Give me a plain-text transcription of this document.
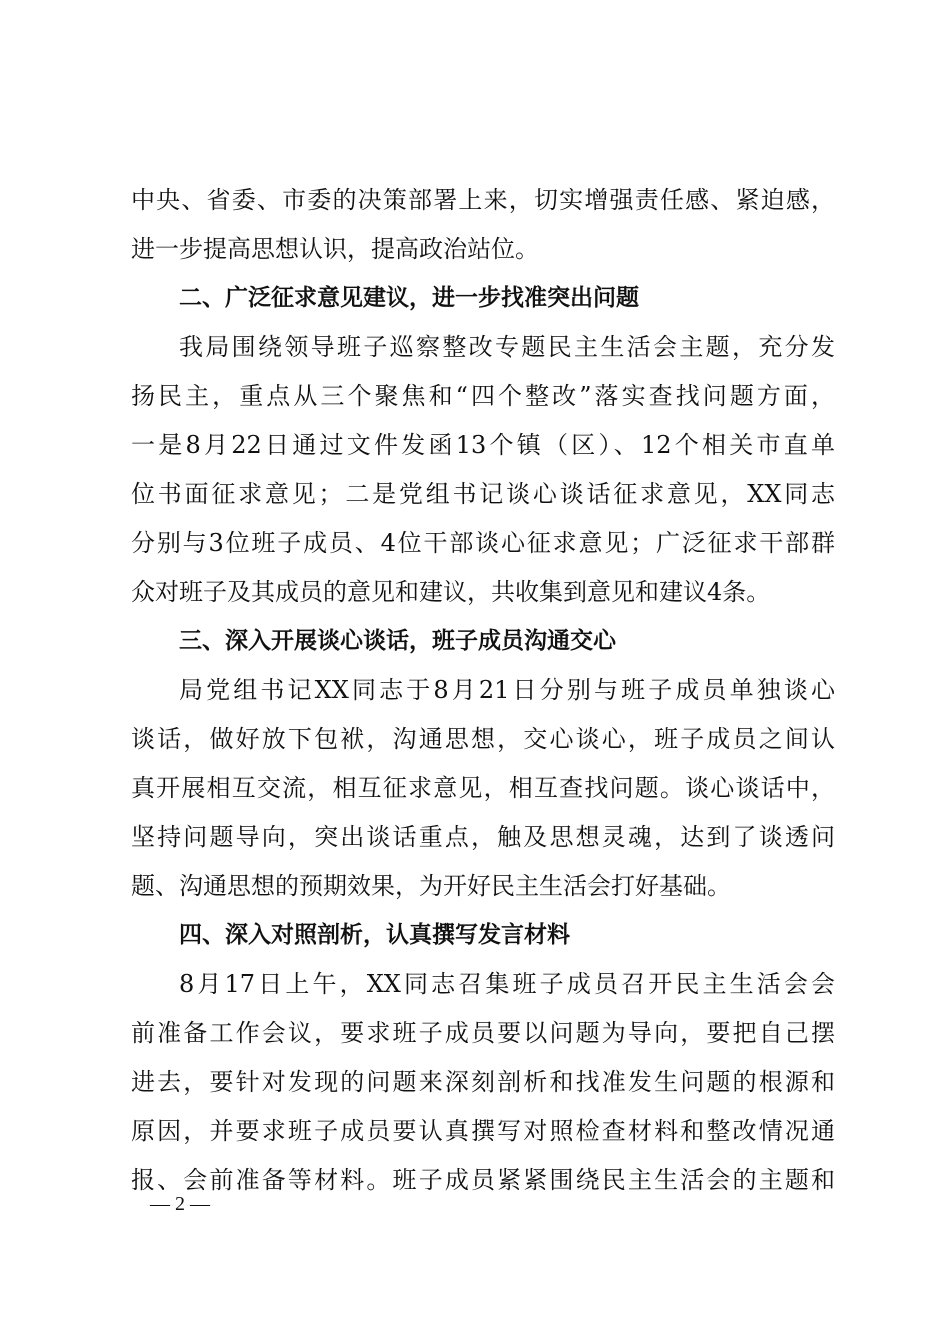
中央、省委、市委的决策部署上来，切实增强责任感、紧迫感，
进一步提高思想认识，提高政治站位。
二、广泛征求意见建议，进一步找准突出问题
我局围绕领导班子巡察整改专题民主生活会主题，充分发
扬民主，重点从三个聚焦和“四个整改”落实查找问题方面，
一是8月22日通过文件发函13个镇（区）、12个相关市直单
位书面征求意见；二是党组书记谈心谈话征求意见，XX同志
分别与3位班子成员、4位干部谈心征求意见；广泛征求干部群
众对班子及其成员的意见和建议，共收集到意见和建议4条。
三、深入开展谈心谈话，班子成员沟通交心
局党组书记XX同志于8月21日分别与班子成员单独谈心
谈话，做好放下包袱，沟通思想，交心谈心，班子成员之间认
真开展相互交流，相互征求意见，相互查找问题。谈心谈话中，
坚持问题导向，突出谈话重点，触及思想灵魂，达到了谈透问
题、沟通思想的预期效果，为开好民主生活会打好基础。
四、深入对照剖析，认真撰写发言材料
8月17日上午，XX同志召集班子成员召开民主生活会会
前准备工作会议，要求班子成员要以问题为导向，要把自己摆
进去，要针对发现的问题来深刻剖析和找准发生问题的根源和
原因，并要求班子成员要认真撰写对照检查材料和整改情况通
报、会前准备等材料。班子成员紧紧围绕民主生活会的主题和
— 2 —
